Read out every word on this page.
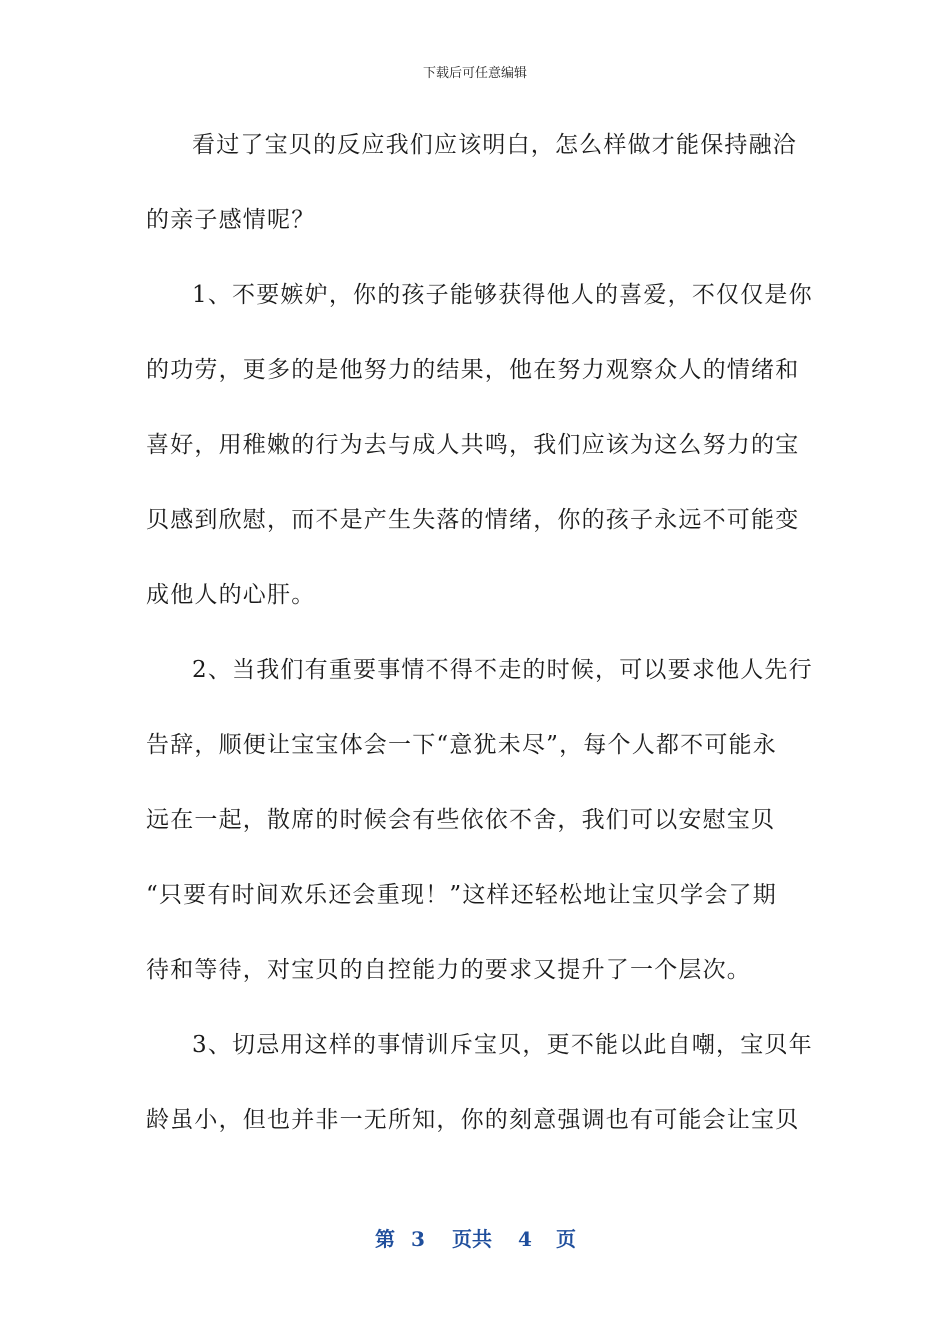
下载后可任意编辑
看过了宝贝的反应我们应该明白，怎么样做才能保持融洽
的亲子感情呢？
1、不要嫉妒，你的孩子能够获得他人的喜爱，不仅仅是你
的功劳，更多的是他努力的结果，他在努力观察众人的情绪和
喜好，用稚嫩的行为去与成人共鸣，我们应该为这么努力的宝
贝感到欣慰，而不是产生失落的情绪，你的孩子永远不可能变
成他人的心肝。
2、当我们有重要事情不得不走的时候，可以要求他人先行
告辞，顺便让宝宝体会一下“意犹未尽”，每个人都不可能永
远在一起，散席的时候会有些依依不舍，我们可以安慰宝贝
“只要有时间欢乐还会重现！”这样还轻松地让宝贝学会了期
待和等待，对宝贝的自控能力的要求又提升了一个层次。
3、切忌用这样的事情训斥宝贝，更不能以此自嘲，宝贝年
龄虽小，但也并非一无所知，你的刻意强调也有可能会让宝贝
第 3 页共 4 页
